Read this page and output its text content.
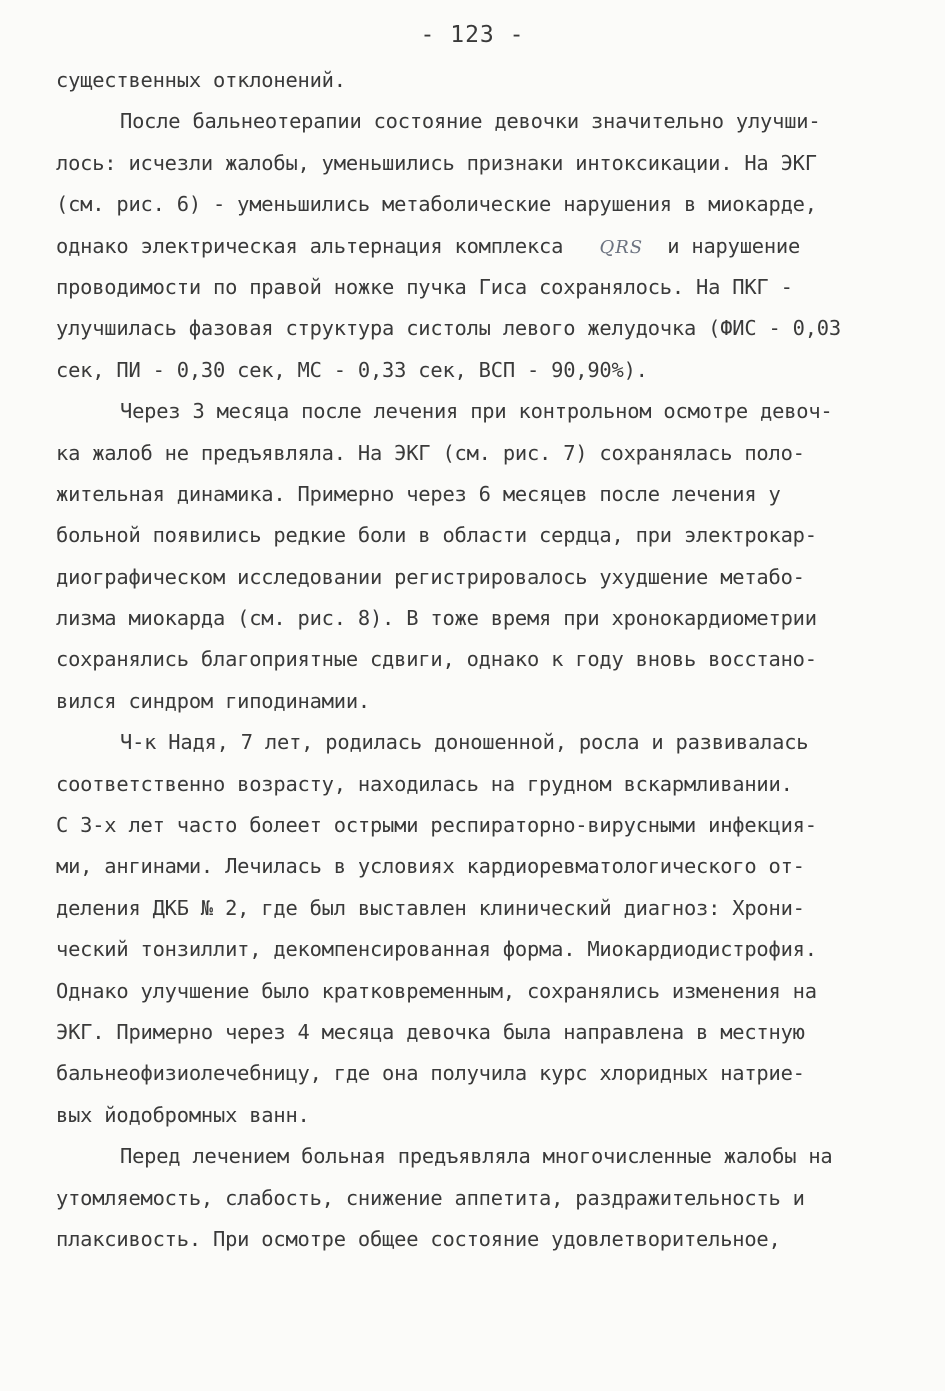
- 123 -
существенных отклонений.
После бальнеотерапии состояние девочки значительно улучши-
лось: исчезли жалобы, уменьшились признаки интоксикации. На ЭКГ
(см. рис. 6) - уменьшились метаболические нарушения в миокарде,
однако электрическая альтернация комплекса QRS и нарушение
проводимости по правой ножке пучка Гиса сохранялось. На ПКГ -
улучшилась фазовая структура систолы левого желудочка (ФИС - 0,03
сек, ПИ - 0,30 сек, МС - 0,33 сек, ВСП - 90,90%).
Через 3 месяца после лечения при контрольном осмотре девоч-
ка жалоб не предъявляла. На ЭКГ (см. рис. 7) сохранялась поло-
жительная динамика. Примерно через 6 месяцев после лечения у
больной появились редкие боли в области сердца, при электрокар-
диографическом исследовании регистрировалось ухудшение метабо-
лизма миокарда (см. рис. 8). В тоже время при хронокардиометрии
сохранялись благоприятные сдвиги, однако к году вновь восстано-
вился синдром гиподинамии.
Ч-к Надя, 7 лет, родилась доношенной, росла и развивалась
соответственно возрасту, находилась на грудном вскармливании.
С 3-х лет часто болеет острыми респираторно-вирусными инфекция-
ми, ангинами. Лечилась в условиях кардиоревматологического от-
деления ДКБ № 2, где был выставлен клинический диагноз: Хрони-
ческий тонзиллит, декомпенсированная форма. Миокардиодистрофия.
Однако улучшение было кратковременным, сохранялись изменения на
ЭКГ. Примерно через 4 месяца девочка была направлена в местную
бальнеофизиолечебницу, где она получила курс хлоридных натрие-
вых йодобромных ванн.
Перед лечением больная предъявляла многочисленные жалобы на
утомляемость, слабость, снижение аппетита, раздражительность и
плаксивость. При осмотре общее состояние удовлетворительное,
